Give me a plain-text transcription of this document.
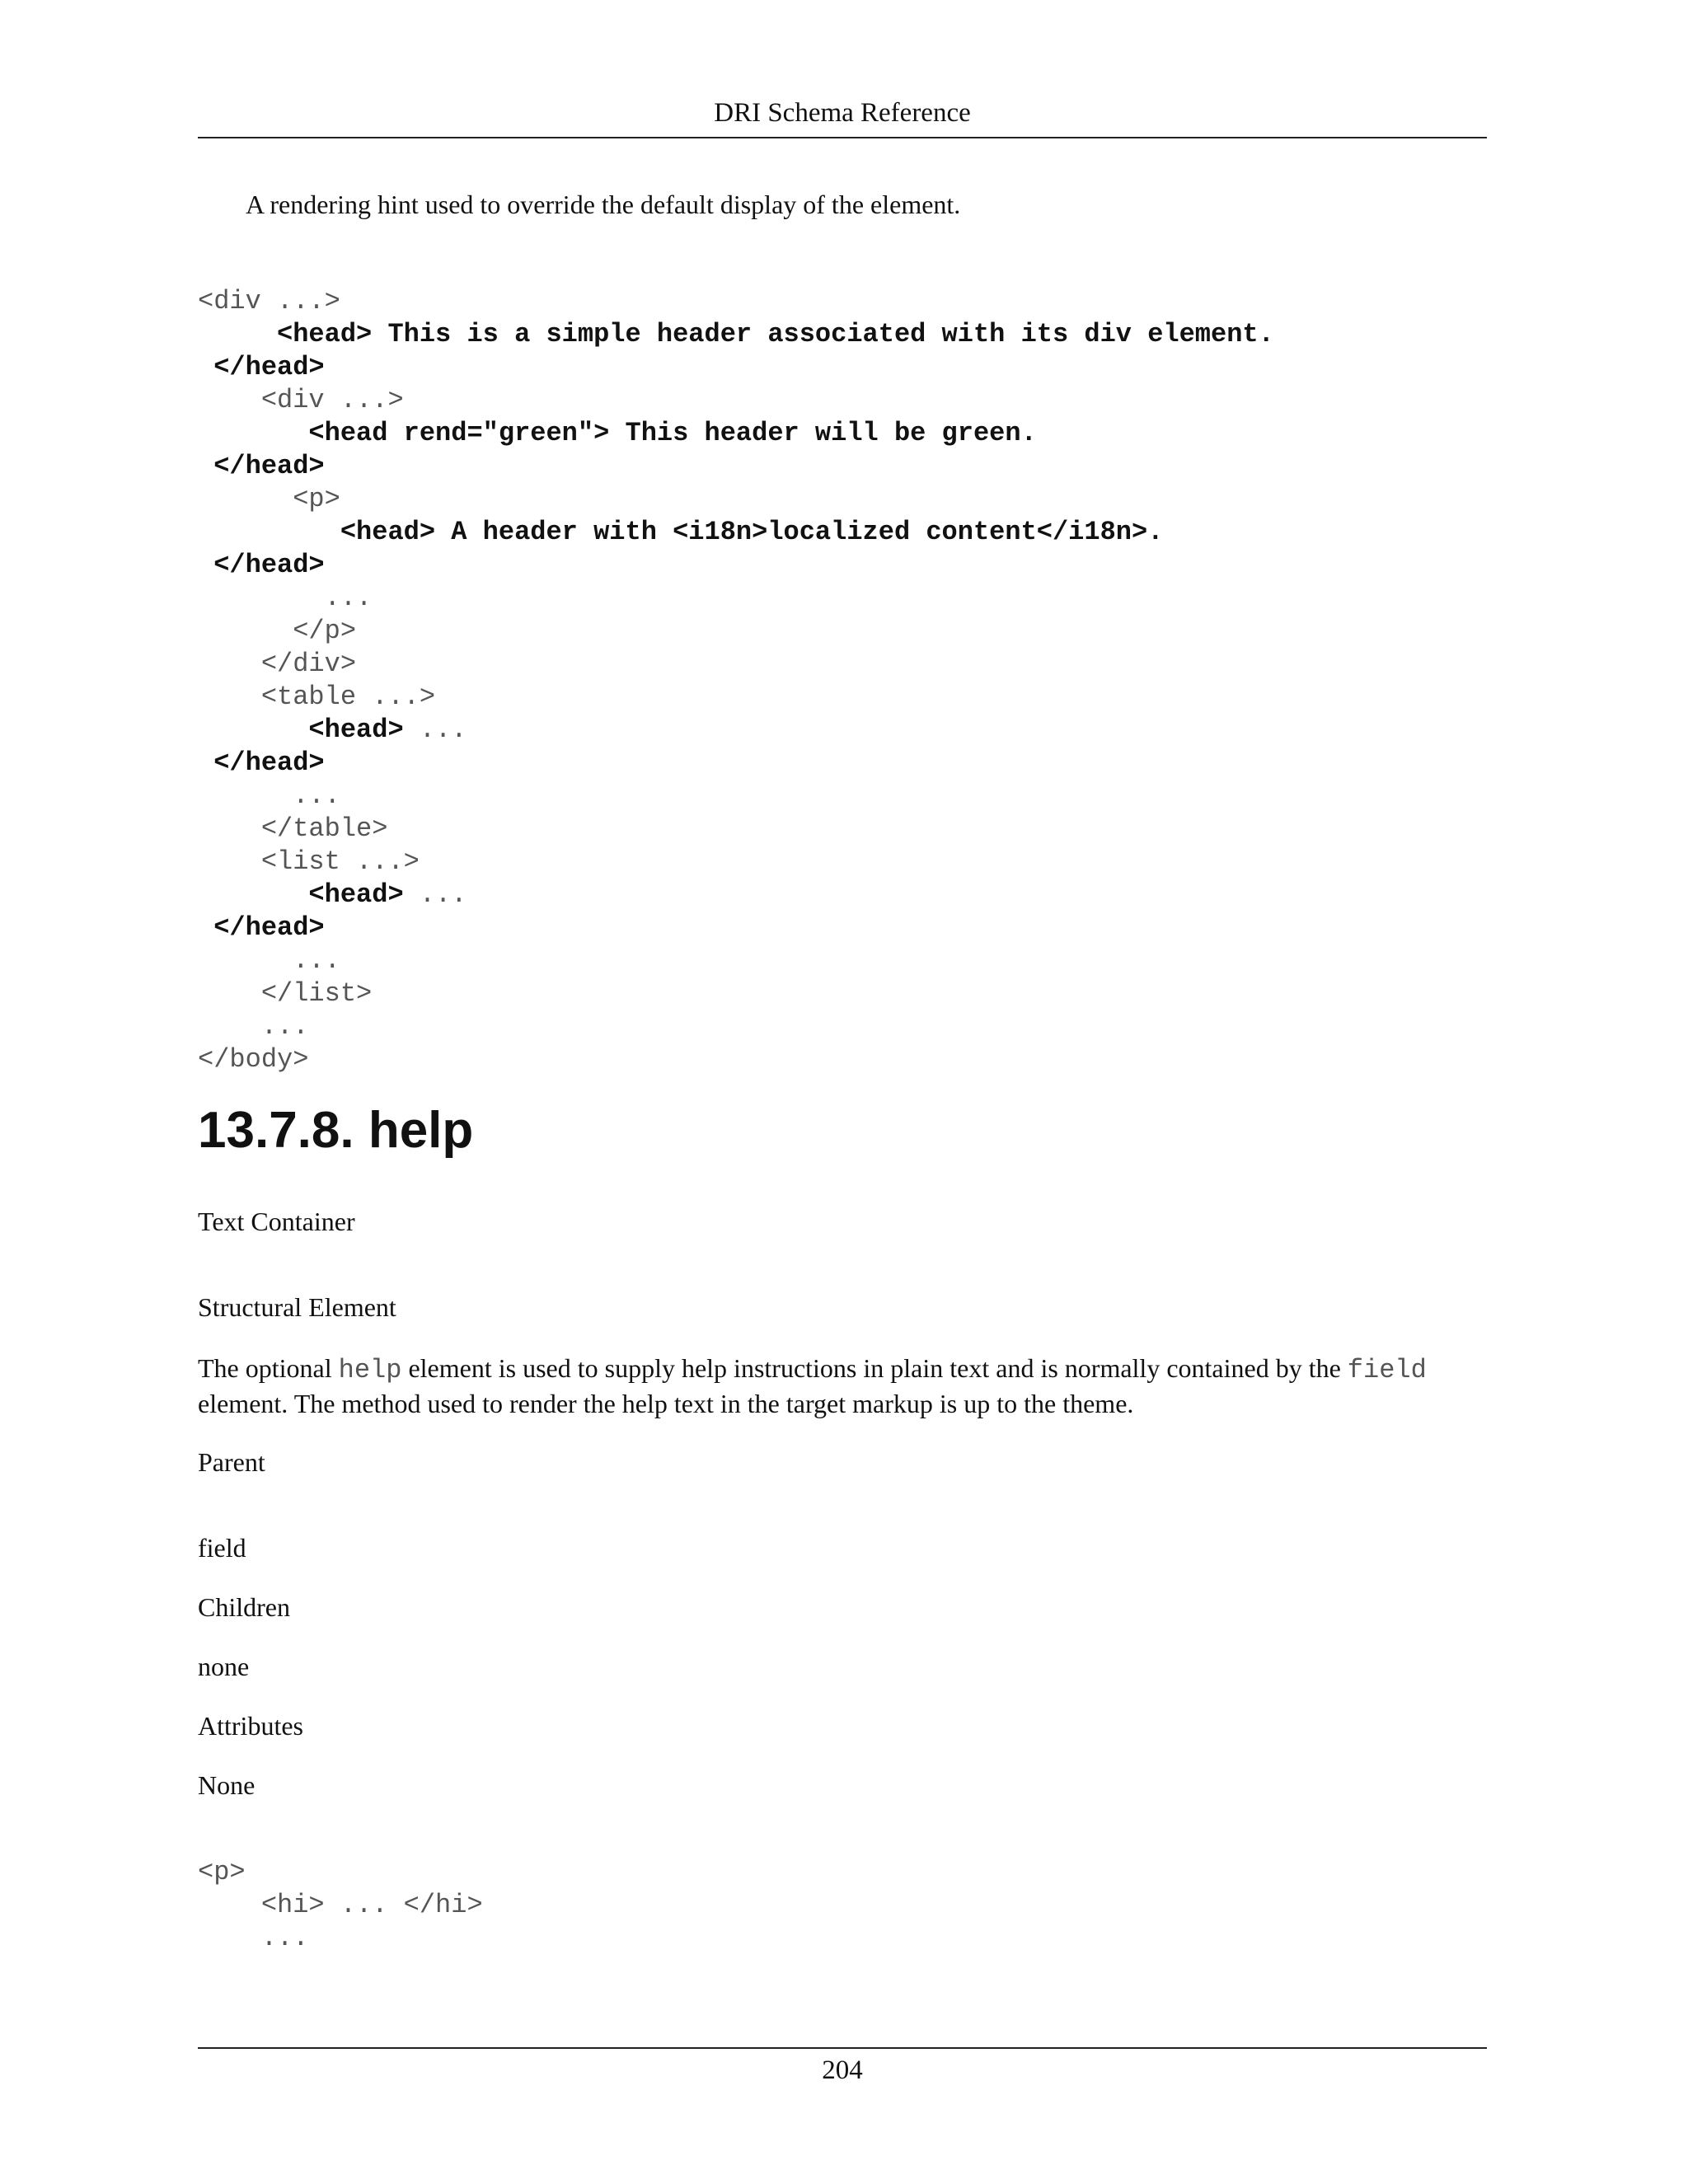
DRI Schema Reference

A rendering hint used to override the default display of the element.

<div ...>
<head> This is a simple header associated with its div element.
</head>
<div ...>
<head rend="green"> This header will be green.
</head>
<p>
<head> A header with <i18n>localized content</i18n>.
</head>
...
</p>
</div>
<table ...>
<head> ...
</head>
...
</table>
<list ...>
<head> ...
</head>
...
</list>
...
</body>
13.7.8. help

Text Container

Structural Element

The optional help element is used to supply help instructions in plain text and is normally contained by the field element. The method used to render the help text in the target markup is up to the theme.

Parent

field

Children

none

Attributes

None

<p>
<hi> ... </hi>
...
204
